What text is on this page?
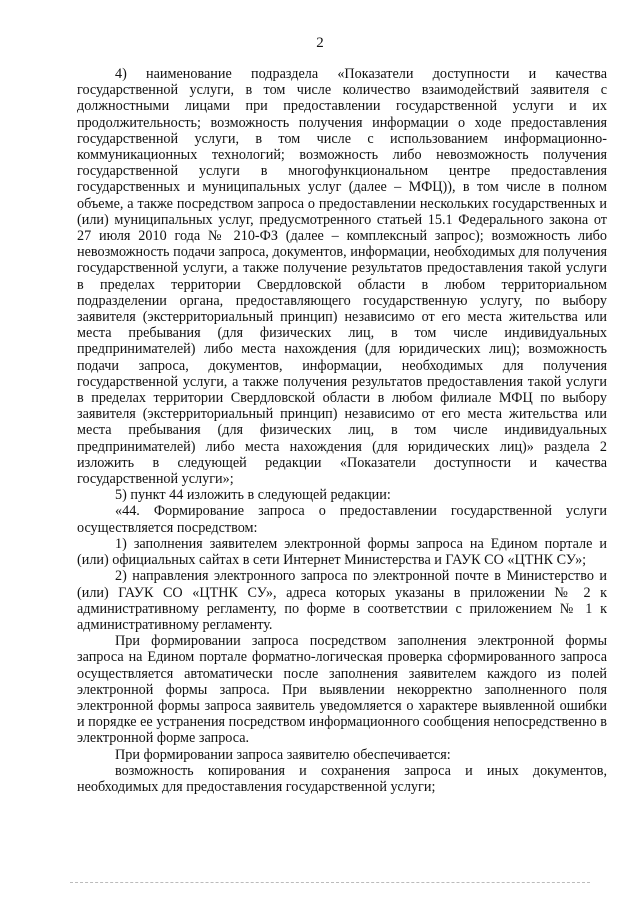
2

4) наименование подраздела «Показатели доступности и качества государственной услуги, в том числе количество взаимодействий заявителя с должностными лицами при предоставлении государственной услуги и их продолжительность; возможность получения информации о ходе предоставления государственной услуги, в том числе с использованием информационно-коммуникационных технологий; возможность либо невозможность получения государственной услуги в многофункциональном центре предоставления государственных и муниципальных услуг (далее – МФЦ)), в том числе в полном объеме, а также посредством запроса о предоставлении нескольких государственных и (или) муниципальных услуг, предусмотренного статьей 15.1 Федерального закона от 27 июля 2010 года № 210-ФЗ (далее – комплексный запрос); возможность либо невозможность подачи запроса, документов, информации, необходимых для получения государственной услуги, а также получение результатов предоставления такой услуги в пределах территории Свердловской области в любом территориальном подразделении органа, предоставляющего государственную услугу, по выбору заявителя (экстерриториальный принцип) независимо от его места жительства или места пребывания (для физических лиц, в том числе индивидуальных предпринимателей) либо места нахождения (для юридических лиц); возможность подачи запроса, документов, информации, необходимых для получения государственной услуги, а также получения результатов предоставления такой услуги в пределах территории Свердловской области в любом филиале МФЦ по выбору заявителя (экстерриториальный принцип) независимо от его места жительства или места пребывания (для физических лиц, в том числе индивидуальных предпринимателей) либо места нахождения (для юридических лиц)» раздела 2 изложить в следующей редакции «Показатели доступности и качества государственной услуги»;

5) пункт 44 изложить в следующей редакции:

«44. Формирование запроса о предоставлении государственной услуги осуществляется посредством:

1) заполнения заявителем электронной формы запроса на Едином портале и (или) официальных сайтах в сети Интернет Министерства и ГАУК СО «ЦТНК СУ»;

2) направления электронного запроса по электронной почте в Министерство и (или) ГАУК СО «ЦТНК СУ», адреса которых указаны в приложении № 2 к административному регламенту, по форме в соответствии с приложением № 1 к административному регламенту.

При формировании запроса посредством заполнения электронной формы запроса на Едином портале форматно-логическая проверка сформированного запроса осуществляется автоматически после заполнения заявителем каждого из полей электронной формы запроса. При выявлении некорректно заполненного поля электронной формы запроса заявитель уведомляется о характере выявленной ошибки и порядке ее устранения посредством информационного сообщения непосредственно в электронной форме запроса.

При формировании запроса заявителю обеспечивается:

возможность копирования и сохранения запроса и иных документов, необходимых для предоставления государственной услуги;
